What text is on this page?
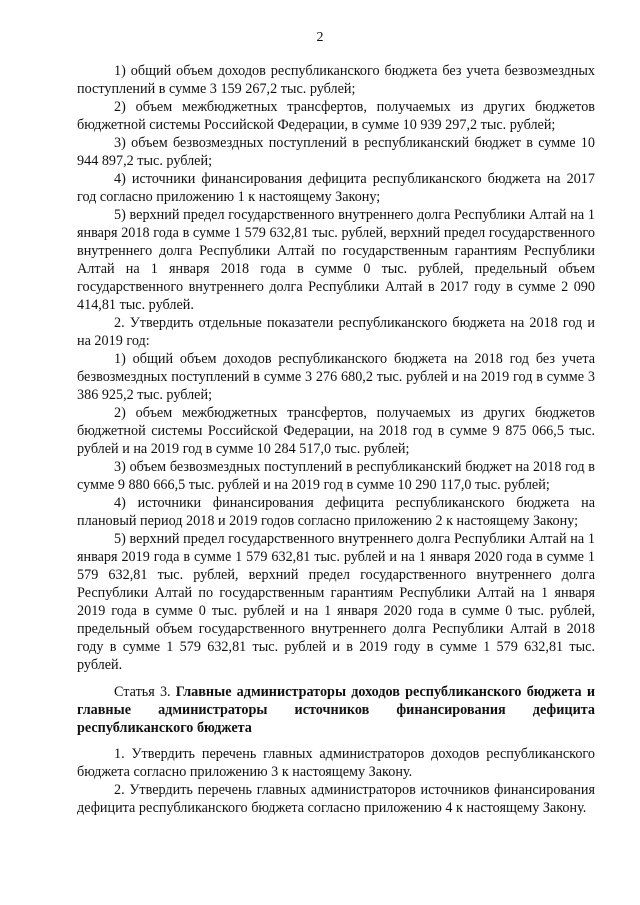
2

1) общий объем доходов республиканского бюджета без учета безвозмездных поступлений в сумме 3 159 267,2 тыс. рублей;

2) объем межбюджетных трансфертов, получаемых из других бюджетов бюджетной системы Российской Федерации, в сумме 10 939 297,2 тыс. рублей;

3) объем безвозмездных поступлений в республиканский бюджет в сумме 10 944 897,2 тыс. рублей;

4) источники финансирования дефицита республиканского бюджета на 2017 год согласно приложению 1 к настоящему Закону;

5) верхний предел государственного внутреннего долга Республики Алтай на 1 января 2018 года в сумме 1 579 632,81 тыс. рублей, верхний предел государственного внутреннего долга Республики Алтай по государственным гарантиям Республики Алтай на 1 января 2018 года в сумме 0 тыс. рублей, предельный объем государственного внутреннего долга Республики Алтай в 2017 году в сумме 2 090 414,81 тыс. рублей.

2. Утвердить отдельные показатели республиканского бюджета на 2018 год и на 2019 год:

1) общий объем доходов республиканского бюджета на 2018 год без учета безвозмездных поступлений в сумме 3 276 680,2 тыс. рублей и на 2019 год в сумме 3 386 925,2 тыс. рублей;

2) объем межбюджетных трансфертов, получаемых из других бюджетов бюджетной системы Российской Федерации, на 2018 год в сумме 9 875 066,5 тыс. рублей и на 2019 год в сумме 10 284 517,0 тыс. рублей;

3) объем безвозмездных поступлений в республиканский бюджет на 2018 год в сумме 9 880 666,5 тыс. рублей и на 2019 год в сумме 10 290 117,0 тыс. рублей;

4) источники финансирования дефицита республиканского бюджета на плановый период 2018 и 2019 годов согласно приложению 2 к настоящему Закону;

5) верхний предел государственного внутреннего долга Республики Алтай на 1 января 2019 года в сумме 1 579 632,81 тыс. рублей и на 1 января 2020 года в сумме 1 579 632,81 тыс. рублей, верхний предел государственного внутреннего долга Республики Алтай по государственным гарантиям Республики Алтай на 1 января 2019 года в сумме 0 тыс. рублей и на 1 января 2020 года в сумме 0 тыс. рублей, предельный объем государственного внутреннего долга Республики Алтай в 2018 году в сумме 1 579 632,81 тыс. рублей и в 2019 году в сумме 1 579 632,81 тыс. рублей.

Статья 3. Главные администраторы доходов республиканского бюджета и главные администраторы источников финансирования дефицита республиканского бюджета

1. Утвердить перечень главных администраторов доходов республиканского бюджета согласно приложению 3 к настоящему Закону.

2. Утвердить перечень главных администраторов источников финансирования дефицита республиканского бюджета согласно приложению 4 к настоящему Закону.
